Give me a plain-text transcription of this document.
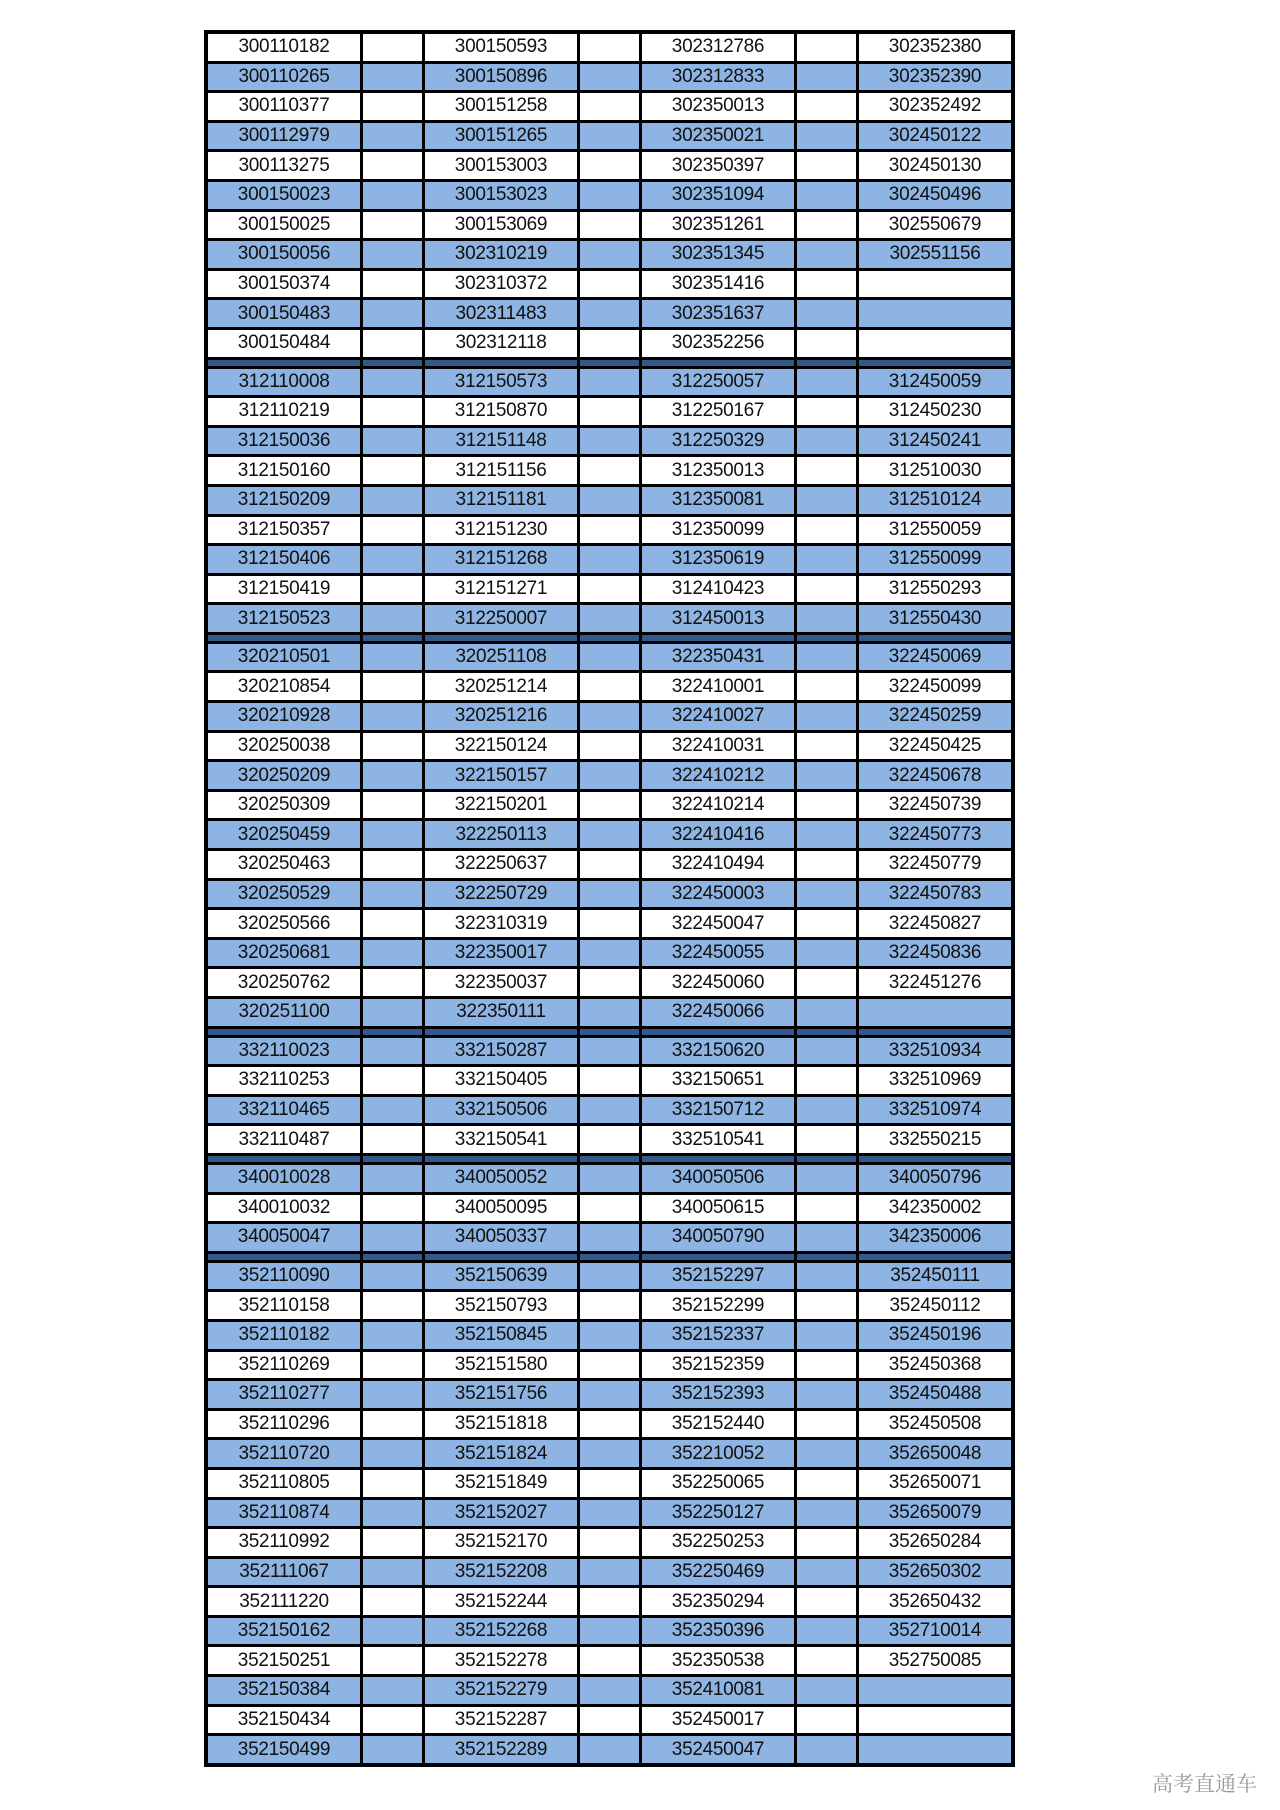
300110182		300150593		302312786		302352380
300110265		300150896		302312833		302352390
300110377		300151258		302350013		302352492
300112979		300151265		302350021		302450122
300113275		300153003		302350397		302450130
300150023		300153023		302351094		302450496
300150025		300153069		302351261		302550679
300150056		302310219		302351345		302551156
300150374		302310372		302351416		
300150483		302311483		302351637		
300150484		302312118		302352256		

312110008		312150573		312250057		312450059
312110219		312150870		312250167		312450230
312150036		312151148		312250329		312450241
312150160		312151156		312350013		312510030
312150209		312151181		312350081		312510124
312150357		312151230		312350099		312550059
312150406		312151268		312350619		312550099
312150419		312151271		312410423		312550293
312150523		312250007		312450013		312550430

320210501		320251108		322350431		322450069
320210854		320251214		322410001		322450099
320210928		320251216		322410027		322450259
320250038		322150124		322410031		322450425
320250209		322150157		322410212		322450678
320250309		322150201		322410214		322450739
320250459		322250113		322410416		322450773
320250463		322250637		322410494		322450779
320250529		322250729		322450003		322450783
320250566		322310319		322450047		322450827
320250681		322350017		322450055		322450836
320250762		322350037		322450060		322451276
320251100		322350111		322450066		

332110023		332150287		332150620		332510934
332110253		332150405		332150651		332510969
332110465		332150506		332150712		332510974
332110487		332150541		332510541		332550215

340010028		340050052		340050506		340050796
340010032		340050095		340050615		342350002
340050047		340050337		340050790		342350006

352110090		352150639		352152297		352450111
352110158		352150793		352152299		352450112
352110182		352150845		352152337		352450196
352110269		352151580		352152359		352450368
352110277		352151756		352152393		352450488
352110296		352151818		352152440		352450508
352110720		352151824		352210052		352650048
352110805		352151849		352250065		352650071
352110874		352152027		352250127		352650079
352110992		352152170		352250253		352650284
352111067		352152208		352250469		352650302
352111220		352152244		352350294		352650432
352150162		352152268		352350396		352710014
352150251		352152278		352350538		352750085
352150384		352152279		352410081		
352150434		352152287		352450017		
352150499		352152289		352450047		
高考直通车
